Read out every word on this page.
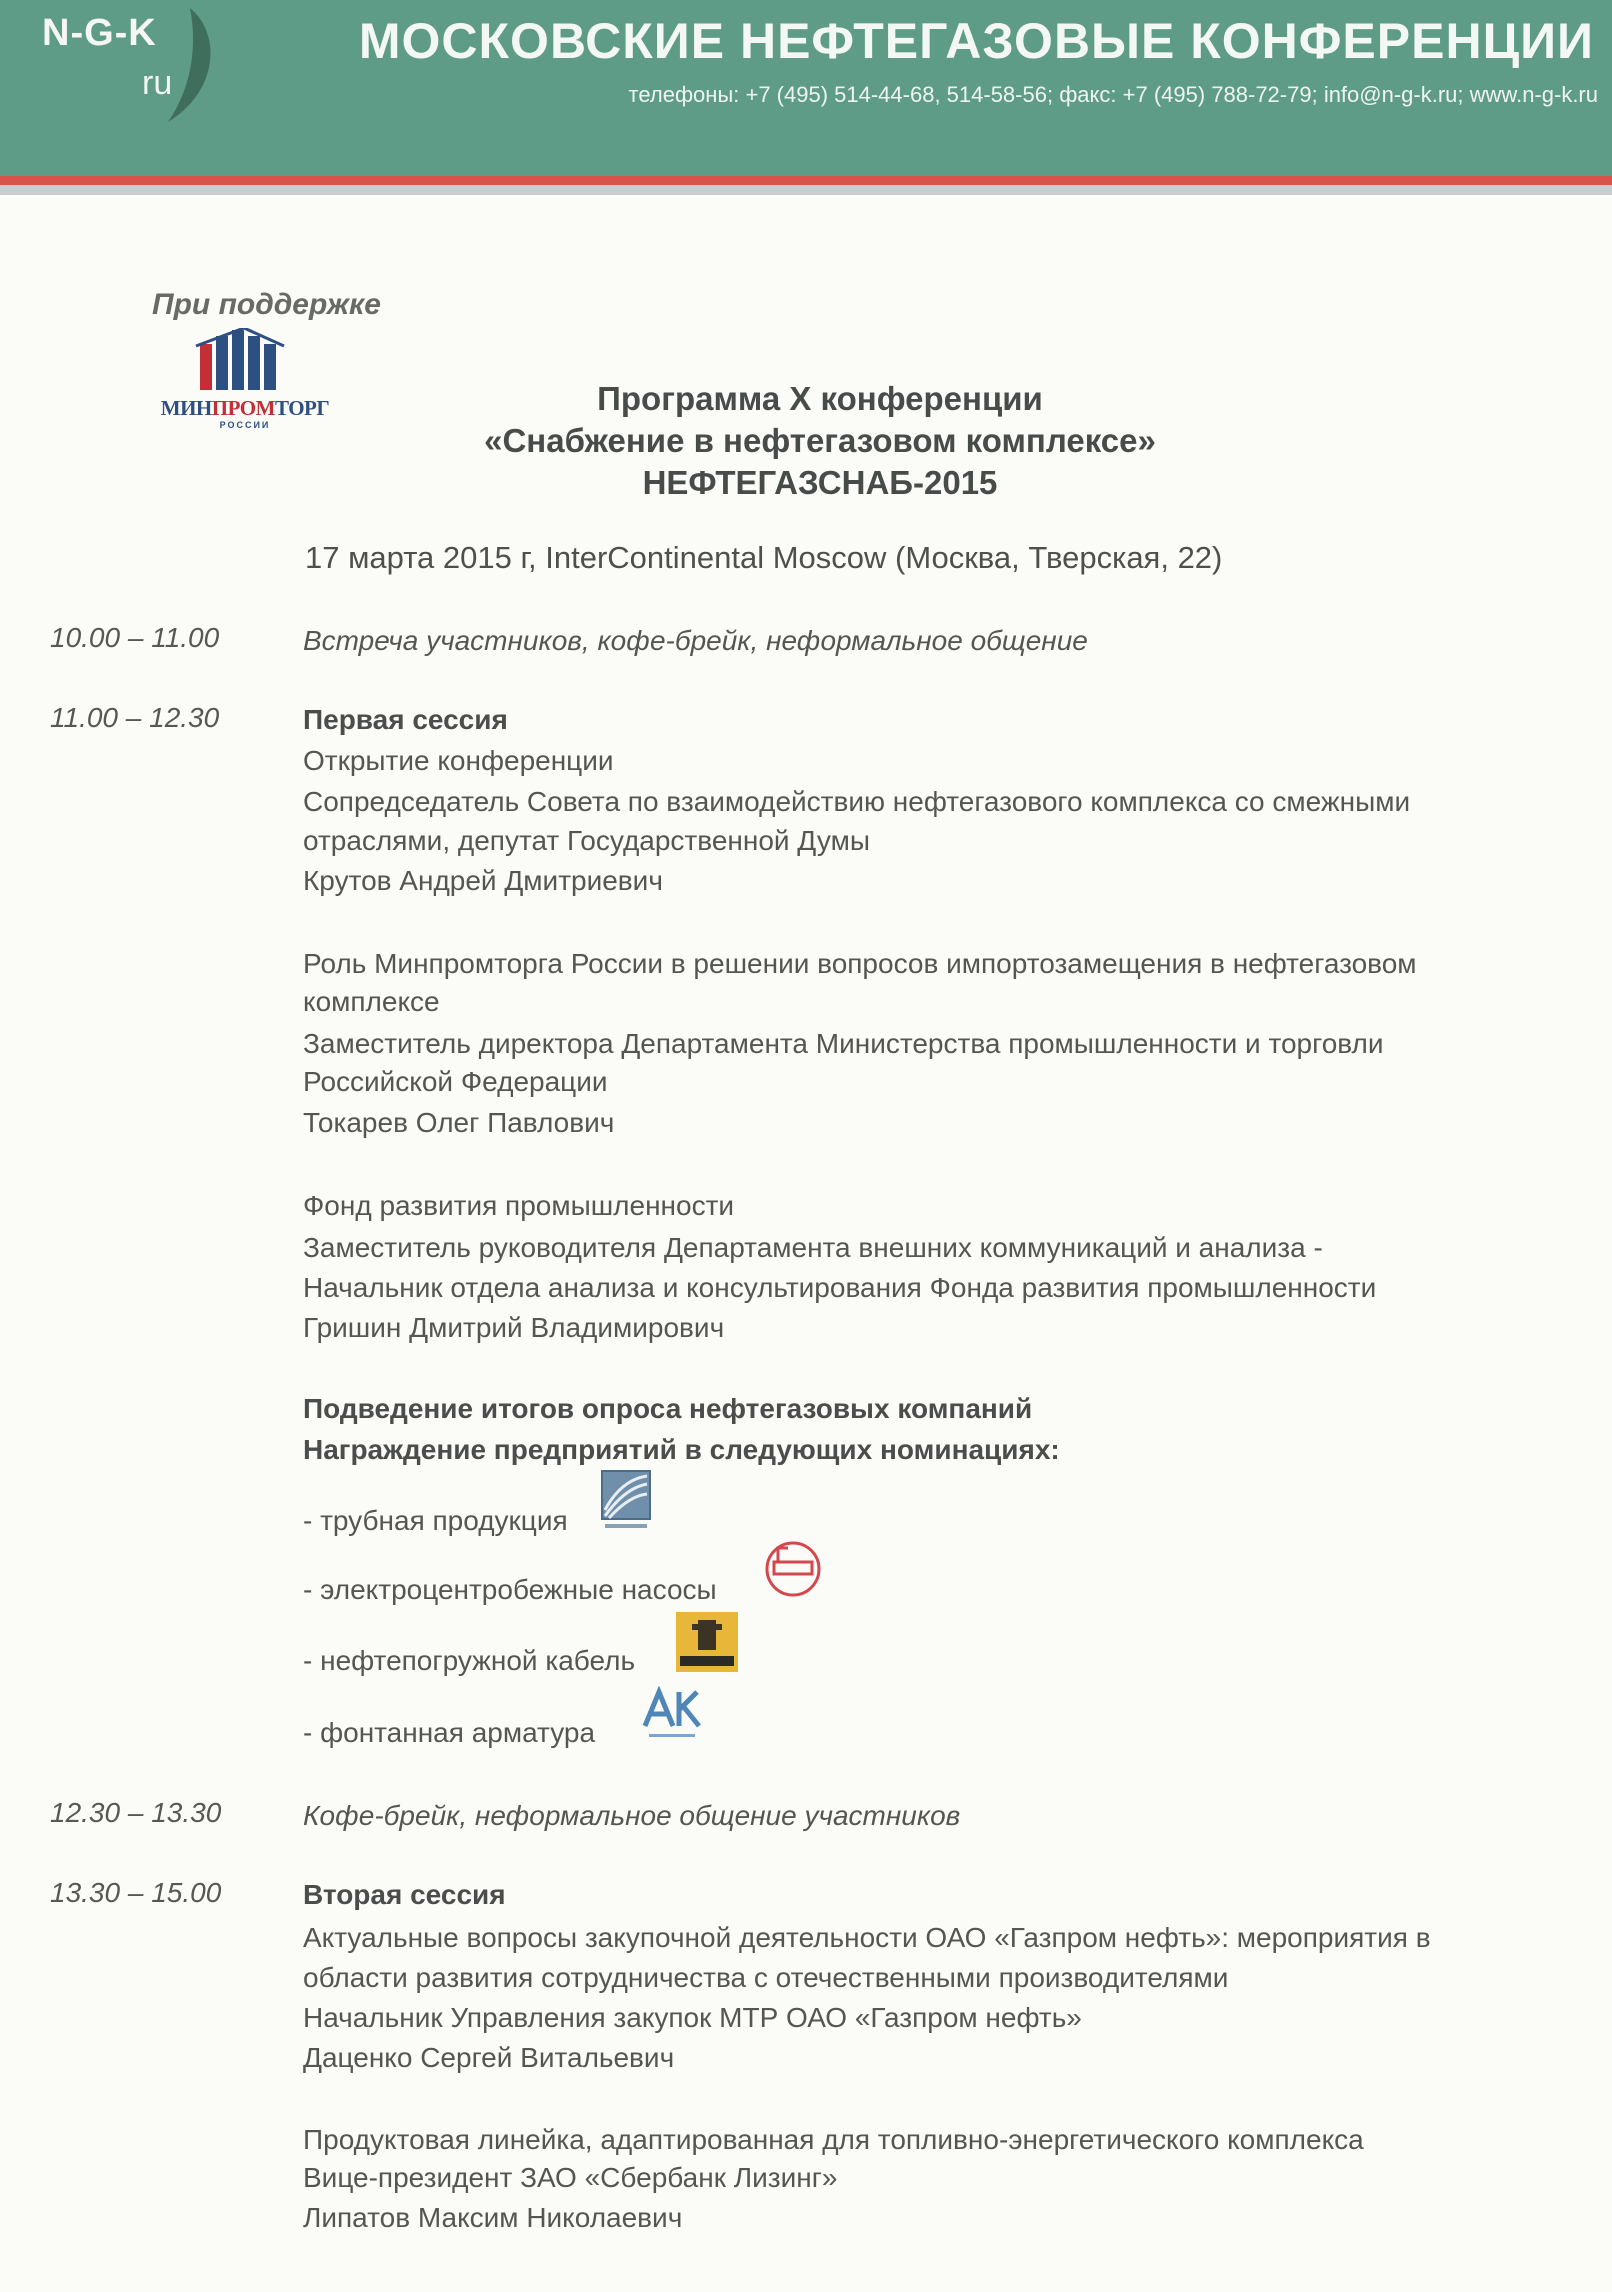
N-G-K
ru
МОСКОВСКИЕ НЕФТЕГАЗОВЫЕ КОНФЕРЕНЦИИ
телефоны: +7 (495) 514-44-68, 514-58-56; факс: +7 (495) 788-72-79; info@n-g-k.ru; www.n-g-k.ru
При поддержке
МИНПРОМТОРГ
РОССИИ
Программа X конференции
«Снабжение в нефтегазовом комплексе»
НЕФТЕГАЗСНАБ-2015
17 марта 2015 г, InterContinental Moscow (Москва, Тверская, 22)
10.00 – 11.00	Встреча участников, кофе-брейк, неформальное общение
11.00 – 12.30	Первая сессия
Открытие конференции
Сопредседатель Совета по взаимодействию нефтегазового комплекса со смежными
отраслями, депутат Государственной Думы
Крутов Андрей Дмитриевич
Роль Минпромторга России в решении вопросов импортозамещения в нефтегазовом
комплексе
Заместитель директора Департамента Министерства промышленности и торговли
Российской Федерации
Токарев Олег Павлович
Фонд развития промышленности
Заместитель руководителя Департамента внешних коммуникаций и анализа -
Начальник отдела анализа и консультирования Фонда развития промышленности
Гришин Дмитрий Владимирович
Подведение итогов опроса нефтегазовых компаний
Награждение предприятий в следующих номинациях:
- трубная продукция
- электроцентробежные насосы
- нефтепогружной кабель
- фонтанная арматура
12.30 – 13.30	Кофе-брейк, неформальное общение участников
13.30 – 15.00	Вторая сессия
Актуальные вопросы закупочной деятельности ОАО «Газпром нефть»: мероприятия в
области развития сотрудничества с отечественными производителями
Начальник Управления закупок МТР ОАО «Газпром нефть»
Даценко Сергей Витальевич
Продуктовая линейка, адаптированная для топливно-энергетического комплекса
Вице-президент ЗАО «Сбербанк Лизинг»
Липатов Максим Николаевич
